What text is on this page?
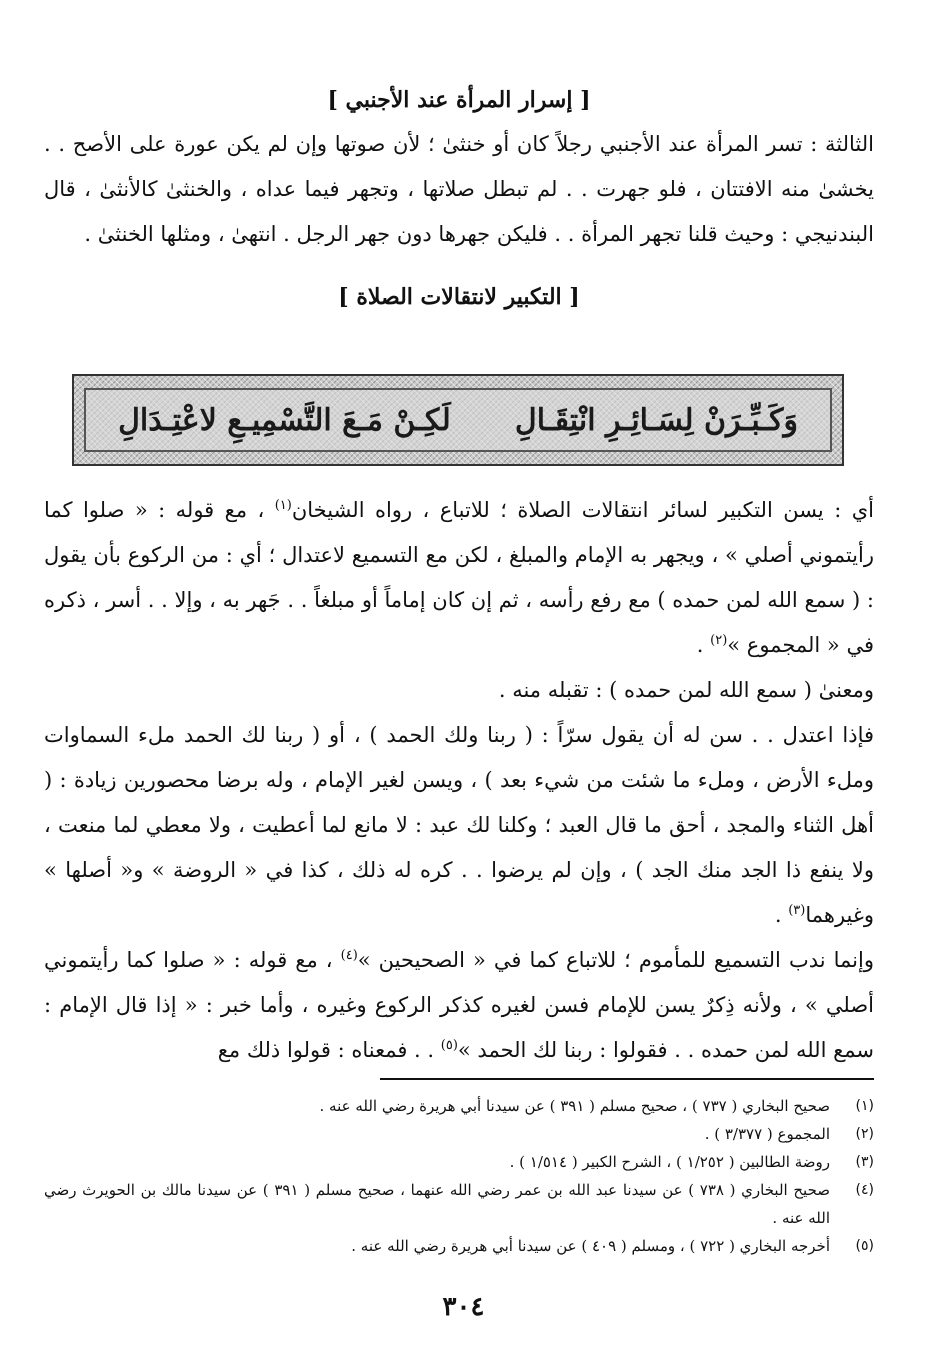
[ إسرار المرأة عند الأجنبي ]

الثالثة : تسر المرأة عند الأجنبي رجلاً كان أو خنثىٰ ؛ لأن صوتها وإن لم يكن عورة على الأصح . . يخشىٰ منه الافتتان ، فلو جهرت . . لم تبطل صلاتها ، وتجهر فيما عداه ، والخنثىٰ كالأنثىٰ ، قال البندنيجي : وحيث قلنا تجهر المرأة . . فليكن جهرها دون جهر الرجل . انتهىٰ ، ومثلها الخنثىٰ .

[ التكبير لانتقالات الصلاة ]

وَكَـبِّـرَنْ لِسَـائِـرِ انْتِقَـالِ
لَكِـنْ مَـعَ التَّسْمِيـعِ لاعْتِـدَالِ

أي : يسن التكبير لسائر انتقالات الصلاة ؛ للاتباع ، رواه الشيخان$^{(١)}$ ، مع قوله : « صلوا كما رأيتموني أصلي » ، ويجهر به الإمام والمبلغ ، لكن مع التسميع لاعتدال ؛ أي : من الركوع بأن يقول : ( سمع الله لمن حمده ) مع رفع رأسه ، ثم إن كان إماماً أو مبلغاً . . جَهر به ، وإلا . . أسر ، ذكره في « المجموع »$^{(٢)}$ .

ومعنىٰ ( سمع الله لمن حمده ) : تقبله منه .

فإذا اعتدل . . سن له أن يقول سرّاً : ( ربنا ولك الحمد ) ، أو ( ربنا لك الحمد ملء السماوات وملء الأرض ، وملء ما شئت من شيء بعد ) ، ويسن لغير الإمام ، وله برضا محصورين زيادة : ( أهل الثناء والمجد ، أحق ما قال العبد ؛ وكلنا لك عبد : لا مانع لما أعطيت ، ولا معطي لما منعت ، ولا ينفع ذا الجد منك الجد ) ، وإن لم يرضوا . . كره له ذلك ، كذا في « الروضة » و« أصلها » وغيرهما$^{(٣)}$ .

وإنما ندب التسميع للمأموم ؛ للاتباع كما في « الصحيحين »$^{(٤)}$ ، مع قوله : « صلوا كما رأيتموني أصلي » ، ولأنه ذِكرٌ يسن للإمام فسن لغيره كذكر الركوع وغيره ، وأما خبر : « إذا قال الإمام : سمع الله لمن حمده . . فقولوا : ربنا لك الحمد »$^{(٥)}$ . . فمعناه : قولوا ذلك مع

(١)
صحيح البخاري ( ٧٣٧ ) ، صحيح مسلم ( ٣٩١ ) عن سيدنا أبي هريرة رضي الله عنه .
(٢)
المجموع ( ٣/٣٧٧ ) .
(٣)
روضة الطالبين ( ١/٢٥٢ ) ، الشرح الكبير ( ١/٥١٤ ) .
(٤)
صحيح البخاري ( ٧٣٨ ) عن سيدنا عبد الله بن عمر رضي الله عنهما ، صحيح مسلم ( ٣٩١ ) عن سيدنا مالك بن الحويرث رضي الله عنه .
(٥)
أخرجه البخاري ( ٧٢٢ ) ، ومسلم ( ٤٠٩ ) عن سيدنا أبي هريرة رضي الله عنه .
٣٠٤
